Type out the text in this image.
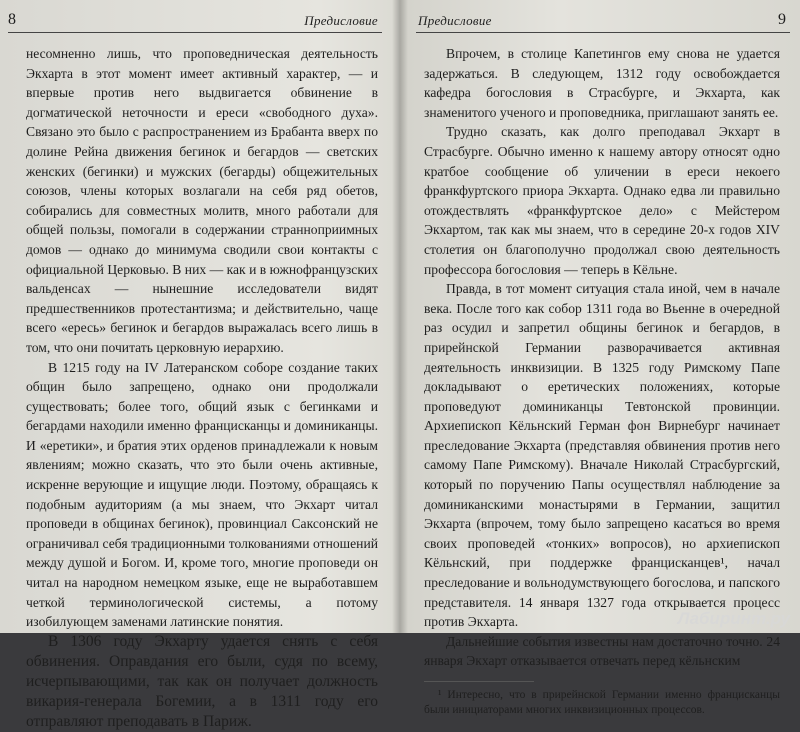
8	Предисловие

несомненно лишь, что проповедническая деятельность Экхарта в этот момент имеет активный характер, — и впервые против него выдвигается обвинение в догматической неточности и ереси «свободного духа». Связано это было с распространением из Брабанта вверх по долине Рейна движения бегинок и бегардов — светских женских (бегинки) и мужских (бегарды) общежительных союзов, члены которых возлагали на себя ряд обетов, собирались для совместных молитв, много работали для общей пользы, помогали в содержании странноприимных домов — однако до минимума сводили свои контакты с официальной Церковью. В них — как и в южнофранцузских вальденсах — нынешние исследователи видят предшественников протестантизма; и действительно, чаще всего «ересь» бегинок и бегардов выражалась всего лишь в том, что они почитать церковную иерархию.

В 1215 году на IV Латеранском соборе создание таких общин было запрещено, однако они продолжали существовать; более того, общий язык с бегинками и бегардами находили именно францисканцы и доминиканцы. И «еретики», и братия этих орденов принадлежали к новым явлениям; можно сказать, что это были очень активные, искренне верующие и ищущие люди. Поэтому, обращаясь к подобным аудиториям (а мы знаем, что Экхарт читал проповеди в общинах бегинок), провинциал Саксонский не ограничивал себя традиционными толкованиями отношений между душой и Богом. И, кроме того, многие проповеди он читал на народном немецком языке, еще не выработавшем четкой терминологической системы, а потому изобилующем заменами латинские понятия.

В 1306 году Экхарту удается снять с себя обвинения. Оправдания его были, судя по всему, исчерпывающими, так как он получает должность викария-генерала Богемии, а в 1311 году его отправляют преподавать в Париж.

Предисловие	9

Впрочем, в столице Капетингов ему снова не удается задержаться. В следующем, 1312 году освобождается кафедра богословия в Страсбурге, и Экхарта, как знаменитого ученого и проповедника, приглашают занять ее.

Трудно сказать, как долго преподавал Экхарт в Страсбурге. Обычно именно к нашему автору относят одно кратбое сообщение об уличении в ереси некоего франкфуртского приора Экхарта. Однако едва ли правильно отождествлять «франкфуртское дело» с Мейстером Экхартом, так как мы знаем, что в середине 20-х годов XIV столетия он благополучно продолжал свою деятельность профессора богословия — теперь в Кёльне.

Правда, в тот момент ситуация стала иной, чем в начале века. После того как собор 1311 года во Вьенне в очередной раз осудил и запретил общины бегинок и бегардов, в прирейнской Германии разворачивается активная деятельность инквизиции. В 1325 году Римскому Папе докладывают о еретических положениях, которые проповедуют доминиканцы Тевтонской провинции. Архиепископ Кёльнский Герман фон Вирнебург начинает преследование Экхарта (представляя обвинения против него самому Папе Римскому). Вначале Николай Страсбургский, который по поручению Папы осуществлял наблюдение за доминиканскими монастырями в Германии, защитил Экхарта (впрочем, тому было запрещено касаться во время своих проповедей «тонких» вопросов), но архиепископ Кёльнский, при поддержке францисканцев¹, начал преследование и вольнодумствующего богослова, и папского представителя. 14 января 1327 года открывается процесс против Экхарта.

Дальнейшие события известны нам достаточно точно. 24 января Экхарт отказывается отвечать перед кёльнским

¹ Интересно, что в прирейнской Германии именно францисканцы были инициаторами многих инквизиционных процессов.

Лабиринт.ру
